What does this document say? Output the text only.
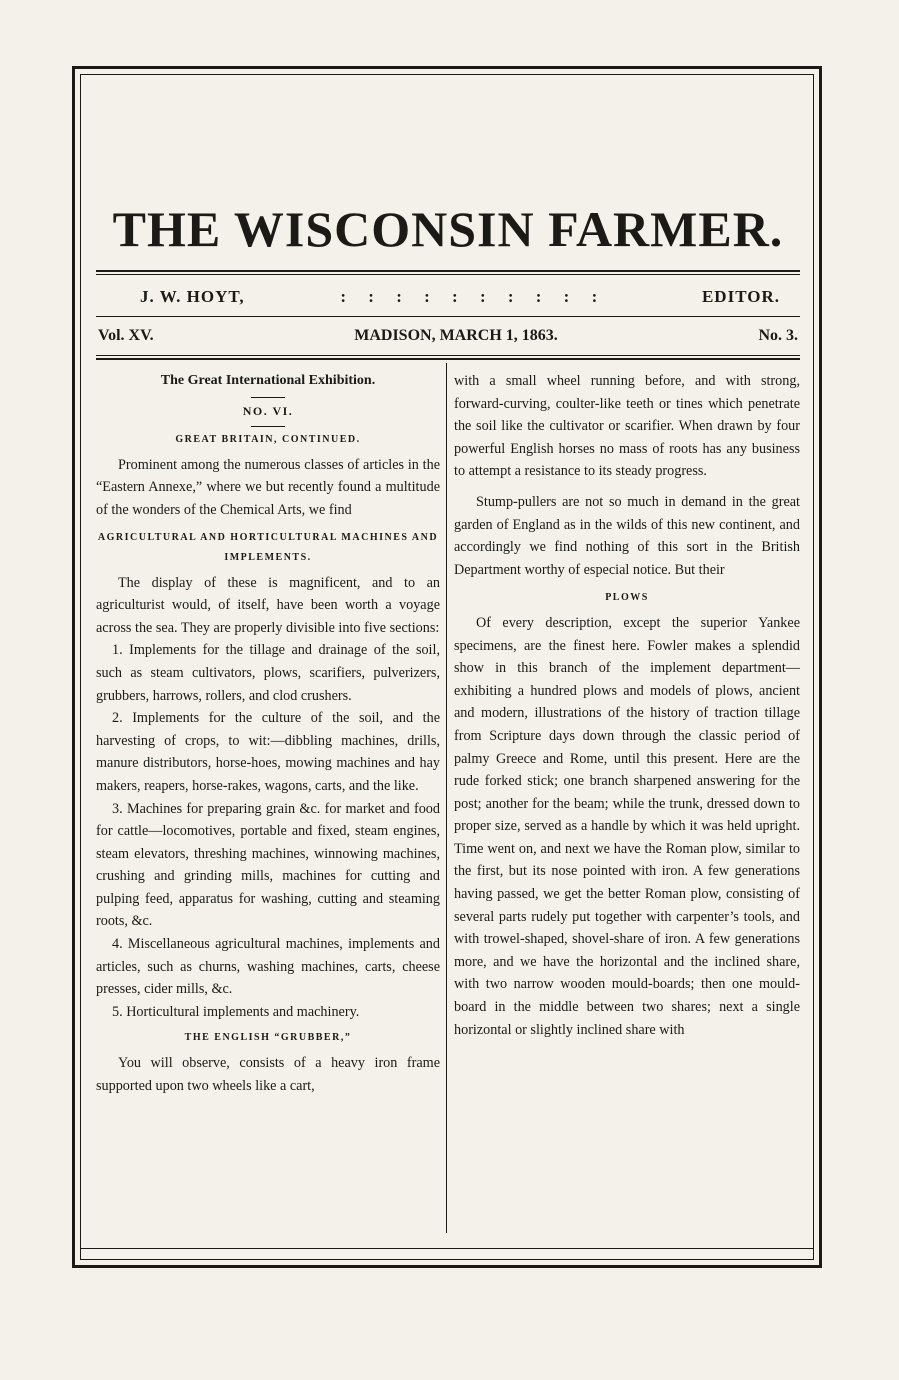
THE WISCONSIN FARMER.
J. W. HOYT,	: : : : : : : : : :	EDITOR.
Vol. XV.	MADISON, MARCH 1, 1863.	No. 3.

The Great International Exhibition.

NO. VI.

GREAT BRITAIN, CONTINUED.

Prominent among the numerous classes of articles in the “Eastern Annexe,” where we but recently found a multitude of the wonders of the Chemical Arts, we find

AGRICULTURAL AND HORTICULTURAL MACHINES AND IMPLEMENTS.

The display of these is magnificent, and to an agriculturist would, of itself, have been worth a voyage across the sea. They are properly divisible into five sections:

1. Implements for the tillage and drainage of the soil, such as steam cultivators, plows, scarifiers, pulverizers, grubbers, harrows, rollers, and clod crushers.

2. Implements for the culture of the soil, and the harvesting of crops, to wit:—dibbling machines, drills, manure distributors, horse-hoes, mowing machines and hay makers, reapers, horse-rakes, wagons, carts, and the like.

3. Machines for preparing grain &c. for market and food for cattle—locomotives, portable and fixed, steam engines, steam elevators, threshing machines, winnowing machines, crushing and grinding mills, machines for cutting and pulping feed, apparatus for washing, cutting and steaming roots, &c.

4. Miscellaneous agricultural machines, implements and articles, such as churns, washing machines, carts, cheese presses, cider mills, &c.

5. Horticultural implements and machinery.

THE ENGLISH “GRUBBER,”

You will observe, consists of a heavy iron frame supported upon two wheels like a cart,

with a small wheel running before, and with strong, forward-curving, coulter-like teeth or tines which penetrate the soil like the cultivator or scarifier. When drawn by four powerful English horses no mass of roots has any business to attempt a resistance to its steady progress.

Stump-pullers are not so much in demand in the great garden of England as in the wilds of this new continent, and accordingly we find nothing of this sort in the British Department worthy of especial notice. But their

PLOWS

Of every description, except the superior Yankee specimens, are the finest here. Fowler makes a splendid show in this branch of the implement department—exhibiting a hundred plows and models of plows, ancient and modern, illustrations of the history of traction tillage from Scripture days down through the classic period of palmy Greece and Rome, until this present. Here are the rude forked stick; one branch sharpened answering for the post; another for the beam; while the trunk, dressed down to proper size, served as a handle by which it was held upright. Time went on, and next we have the Roman plow, similar to the first, but its nose pointed with iron. A few generations having passed, we get the better Roman plow, consisting of several parts rudely put together with carpenter’s tools, and with trowel-shaped, shovel-share of iron. A few generations more, and we have the horizontal and the inclined share, with two narrow wooden mould-boards; then one mould-board in the middle between two shares; next a single horizontal or slightly inclined share with
